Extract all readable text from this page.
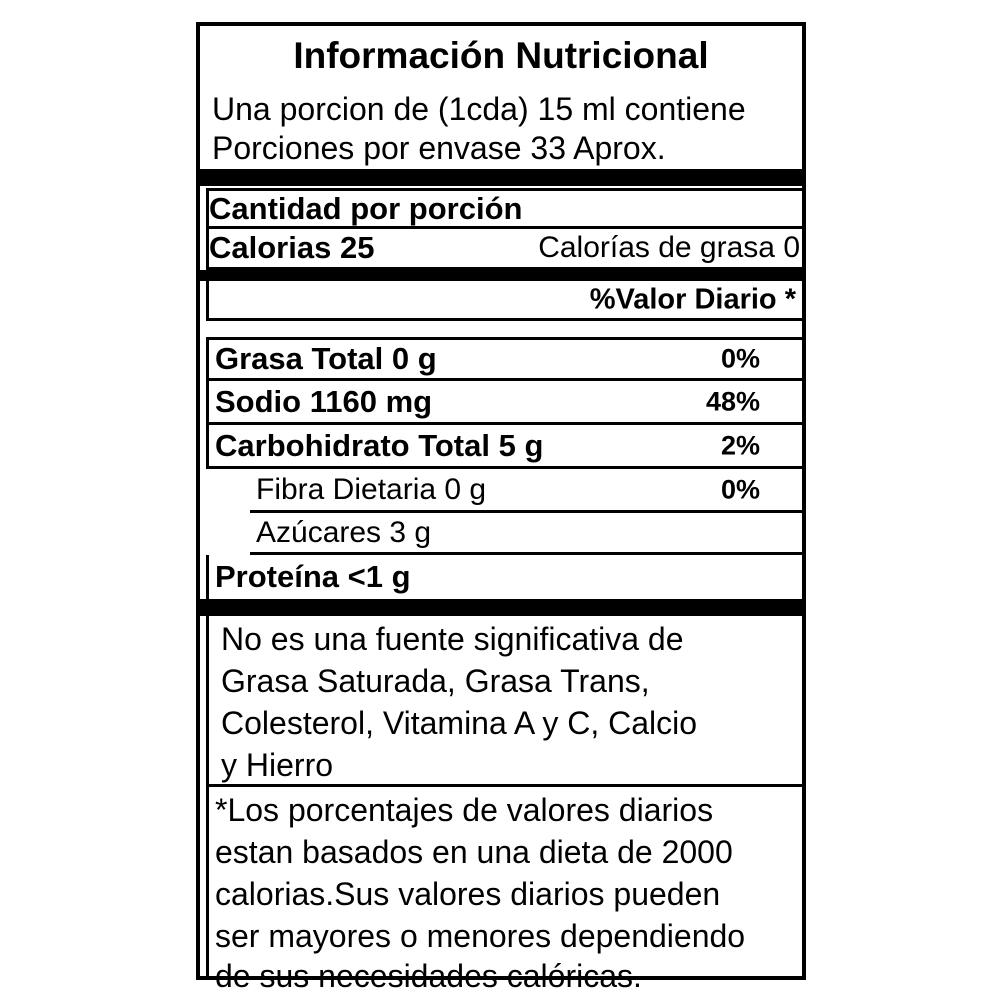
Información Nutricional
Una porcion de (1cda) 15 ml contiene
Porciones por envase 33 Aprox.
Cantidad por porción
Calorias 25	Calorías de grasa 0
%Valor Diario *
Grasa Total 0 g	0%
Sodio 1160 mg	48%
Carbohidrato Total 5 g	2%
Fibra Dietaria 0 g	0%
Azúcares 3 g
Proteína <1 g
No es una fuente significativa de
Grasa Saturada, Grasa Trans,
Colesterol, Vitamina A y C, Calcio
y Hierro
*Los porcentajes de valores diarios
estan basados en una dieta de 2000
calorias.Sus valores diarios pueden
ser mayores o menores dependiendo
de sus necesidades calóricas.
